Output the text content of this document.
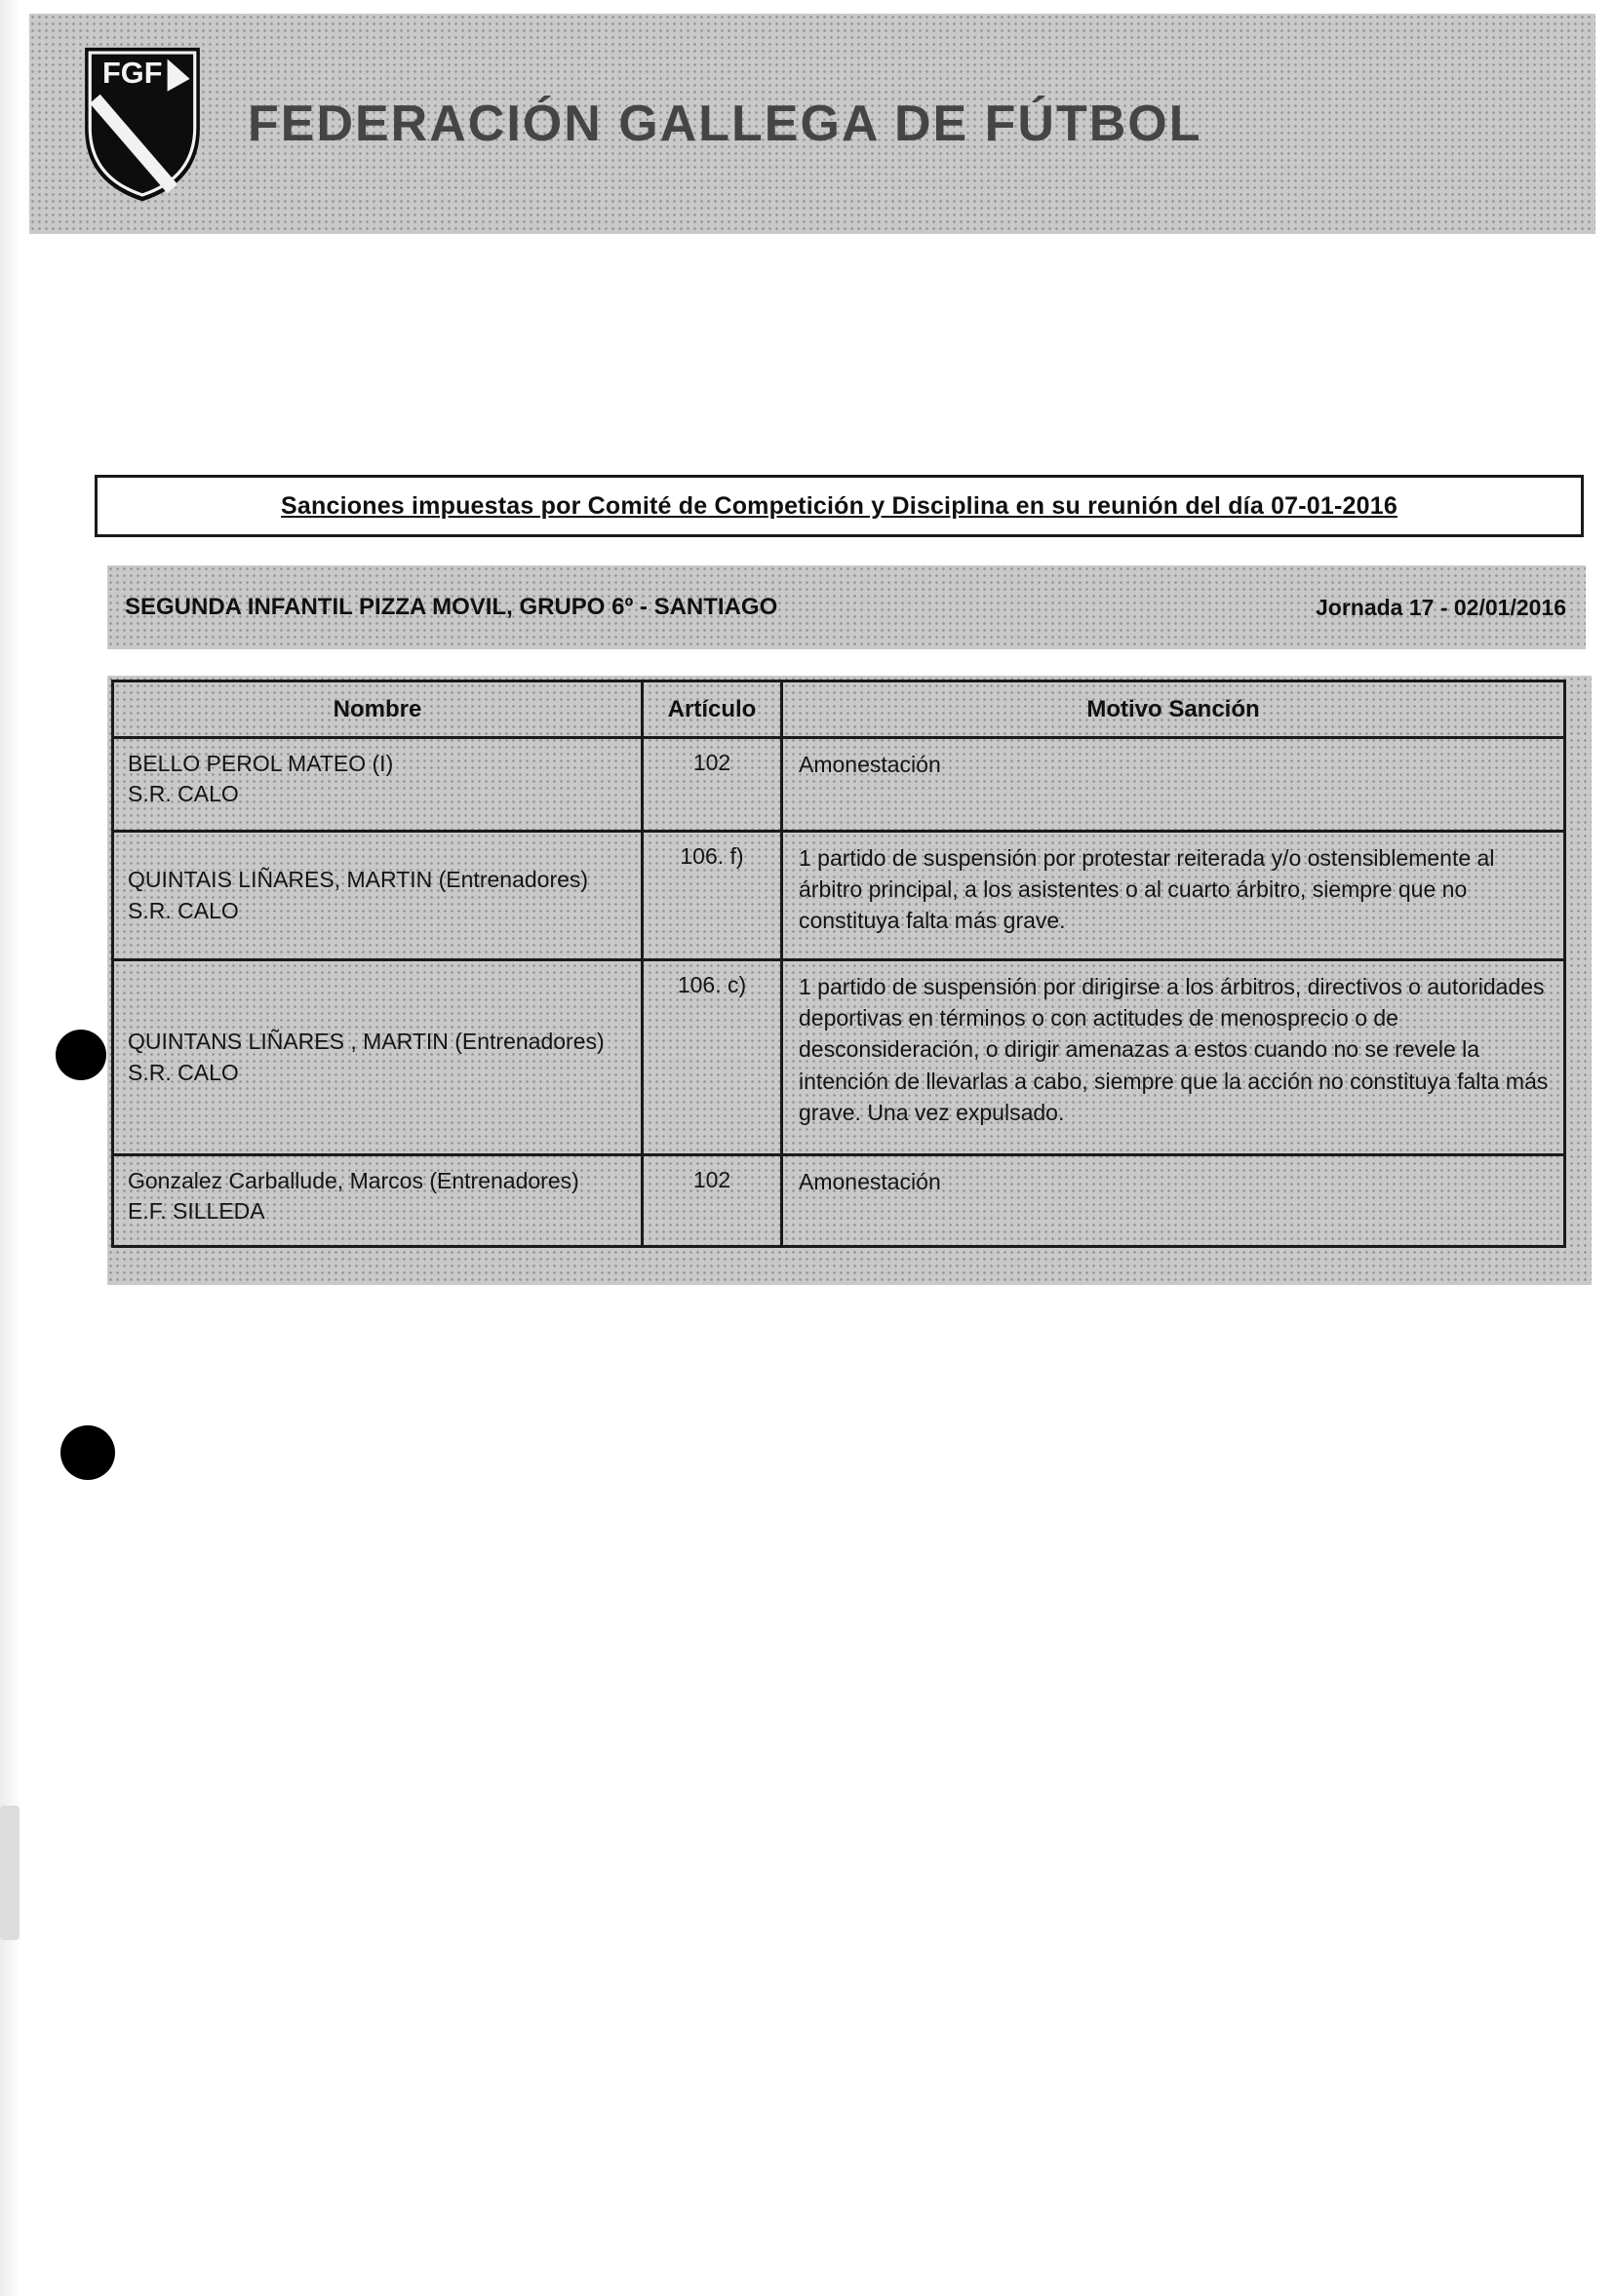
FGF
FEDERACIÓN GALLEGA DE FÚTBOL
Sanciones impuestas por Comité de Competición y Disciplina en su reunión del día 07-01-2016
SEGUNDA INFANTIL PIZZA MOVIL, GRUPO 6º - SANTIAGO	Jornada 17 - 02/01/2016
Nombre	Artículo	Motivo Sanción

BELLO PEROL MATEO (I)
S.R. CALO	102	Amonestación

QUINTAIS LIÑARES, MARTIN (Entrenadores)
S.R. CALO	106. f)	1 partido de suspensión por protestar reiterada y/o ostensiblemente al árbitro principal, a los asistentes o al cuarto árbitro, siempre que no constituya falta más grave.

QUINTANS LIÑARES , MARTIN (Entrenadores)
S.R. CALO	106. c)	1 partido de suspensión por dirigirse a los árbitros, directivos o autoridades deportivas en términos o con actitudes de menosprecio o de desconsideración, o dirigir amenazas a estos cuando no se revele la intención de llevarlas a cabo, siempre que la acción no constituya falta más grave. Una vez expulsado.

Gonzalez Carballude, Marcos (Entrenadores)
E.F. SILLEDA	102	Amonestación
